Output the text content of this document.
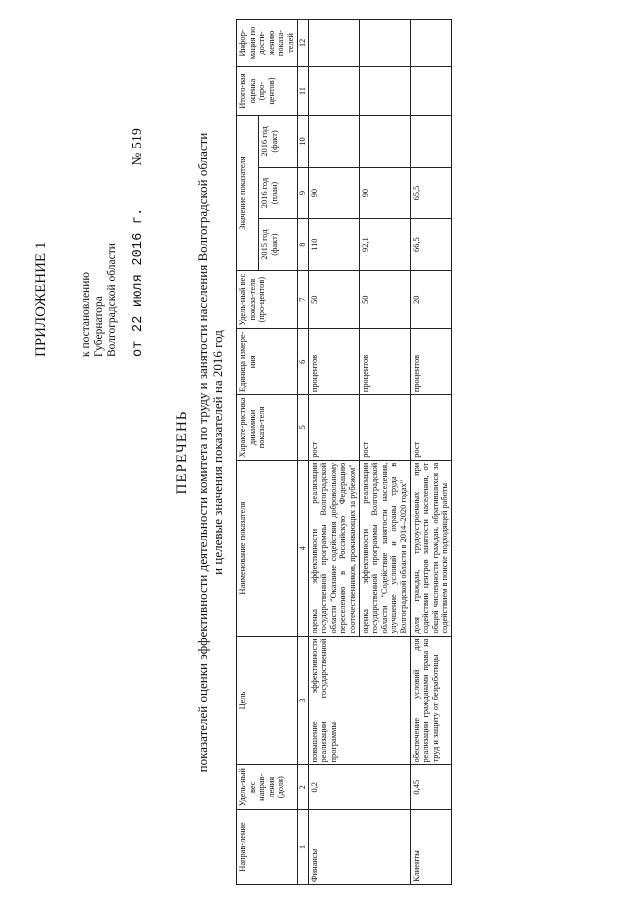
ПРИЛОЖЕНИЕ 1	к постановлению Губернатора Волгоградской области от 22 июля 2016 г.№ 519
ПЕРЕЧЕНЬ показателей оценки эффективности деятельности комитета по труду и занятости населения Волгоградской области и целевые значения показателей на 2016 год
Направ-ление	Удель-ный вес направ-ления (доля)	Цель	Наименование показателя	Характе-ристика динамики показа-теля	Единица измере-ния	Удель-ный вес показа-теля (про-центов)	Значение показателя			Итого-вая оценка (про-центов)	Инфор-мация по дости-жению показа-телей
							2015 год (факт)	2016 год (план)	2016 год (факт)		
1	2	3	4	5	6	7	8	9	10	11	12
Финансы	0,2	повышение эффективности реализации государственной программы	оценка эффективности реализации государственной программы Волгоградской области "Оказание содействия добровольному переселению в Российскую Федерацию соотечественников, проживающих за рубежом"	рост	процентов	50	110	90			
			оценка эффективности реализации государственной программы Волгоградской области "Содействие занятости населения, улучшение условий и охраны труда в Волгоградской области в 2014–2020 годах"	рост	процентов	50	92,1	90			
Клиенты	0,45	обеспечение условий для реализации гражданами права на труд и защиту от безработицы	доля граждан, трудоустроенных при содействии центров занятости населения, от общей численности граждан, обратившихся за содействием в поиске подходящей работы	рост	процентов	20	66,5	65,5			
